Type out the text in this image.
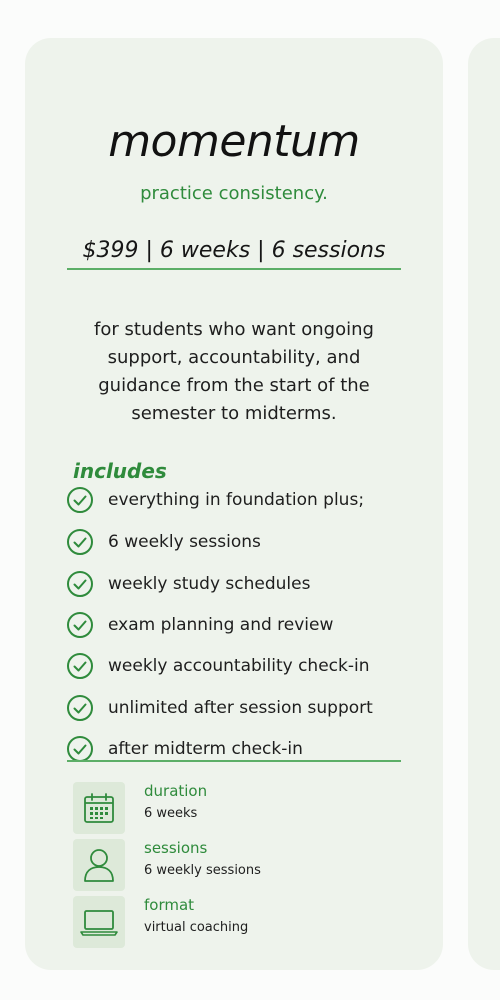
momentum
practice consistency.
$399 | 6 weeks | 6 sessions
for students who want ongoing support, accountability, and guidance from the start of the semester to midterms.
includes
everything in foundation plus;
6 weekly sessions
weekly study schedules
exam planning and review
weekly accountability check-in
unlimited after session support
after midterm check-in
duration
6 weeks
sessions
6 weekly sessions
format
virtual coaching
